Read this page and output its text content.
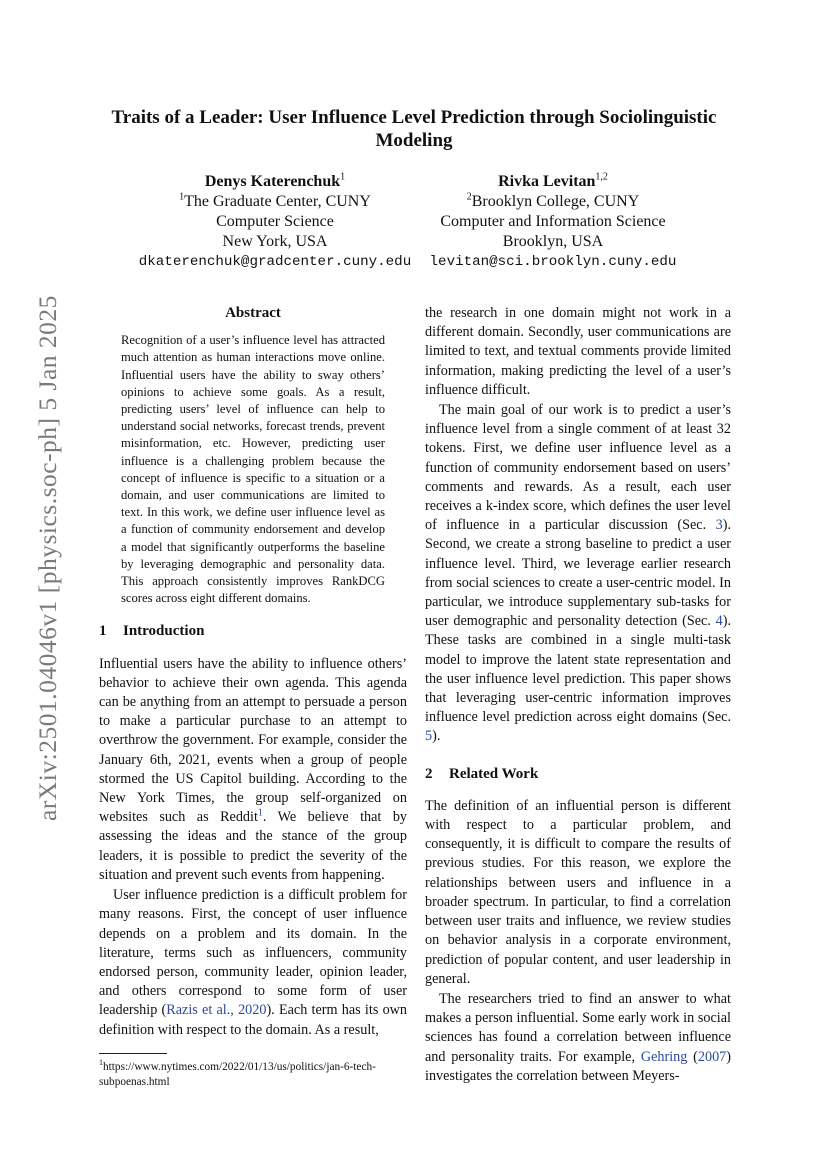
arXiv:2501.04046v1 [physics.soc-ph] 5 Jan 2025
Traits of a Leader: User Influence Level Prediction through Sociolinguistic
Modeling
Denys Katerenchuk$^1$
$^1$The Graduate Center, CUNY
Computer Science
New York, USA
dkaterenchuk@gradcenter.cuny.edu
Rivka Levitan$^{1,2}$
$^2$Brooklyn College, CUNY
Computer and Information Science
Brooklyn, USA
levitan@sci.brooklyn.cuny.edu
Abstract

Recognition of a user’s influence level has attracted much attention as human interactions move online. Influential users have the ability to sway others’ opinions to achieve some goals. As a result, predicting users’ level of influence can help to understand social networks, forecast trends, prevent misinformation, etc. However, predicting user influence is a challenging problem because the concept of influence is specific to a situation or a domain, and user communications are limited to text. In this work, we define user influence level as a function of community endorsement and develop a model that significantly outperforms the baseline by leveraging demographic and personality data. This approach consistently improves RankDCG scores across eight different domains.

1 Introduction

Influential users have the ability to influence others’ behavior to achieve their own agenda. This agenda can be anything from an attempt to persuade a person to make a particular purchase to an attempt to overthrow the government. For example, consider the January 6th, 2021, events when a group of people stormed the US Capitol building. According to the New York Times, the group self-organized on websites such as Reddit$^1$. We believe that by assessing the ideas and the stance of the group leaders, it is possible to predict the severity of the situation and prevent such events from happening.

User influence prediction is a difficult problem for many reasons. First, the concept of user influence depends on a problem and its domain. In the literature, terms such as influencers, community endorsed person, community leader, opinion leader, and others correspond to some form of user leadership (Razis et al., 2020). Each term has its own definition with respect to the domain. As a result,

$^1$https://www.nytimes.com/2022/01/13/us/politics/jan-6-tech-subpoenas.html

the research in one domain might not work in a different domain. Secondly, user communications are limited to text, and textual comments provide limited information, making predicting the level of a user’s influence difficult.

The main goal of our work is to predict a user’s influence level from a single comment of at least 32 tokens. First, we define user influence level as a function of community endorsement based on users’ comments and rewards. As a result, each user receives a k-index score, which defines the user level of influence in a particular discussion (Sec. 3). Second, we create a strong baseline to predict a user influence level. Third, we leverage earlier research from social sciences to create a user-centric model. In particular, we introduce supplementary sub-tasks for user demographic and personality detection (Sec. 4). These tasks are combined in a single multi-task model to improve the latent state representation and the user influence level prediction. This paper shows that leveraging user-centric information improves influence level prediction across eight domains (Sec. 5).

2 Related Work

The definition of an influential person is different with respect to a particular problem, and consequently, it is difficult to compare the results of previous studies. For this reason, we explore the relationships between users and influence in a broader spectrum. In particular, to find a correlation between user traits and influence, we review studies on behavior analysis in a corporate environment, prediction of popular content, and user leadership in general.

The researchers tried to find an answer to what makes a person influential. Some early work in social sciences has found a correlation between influence and personality traits. For example, Gehring (2007) investigates the correlation between Meyers-
